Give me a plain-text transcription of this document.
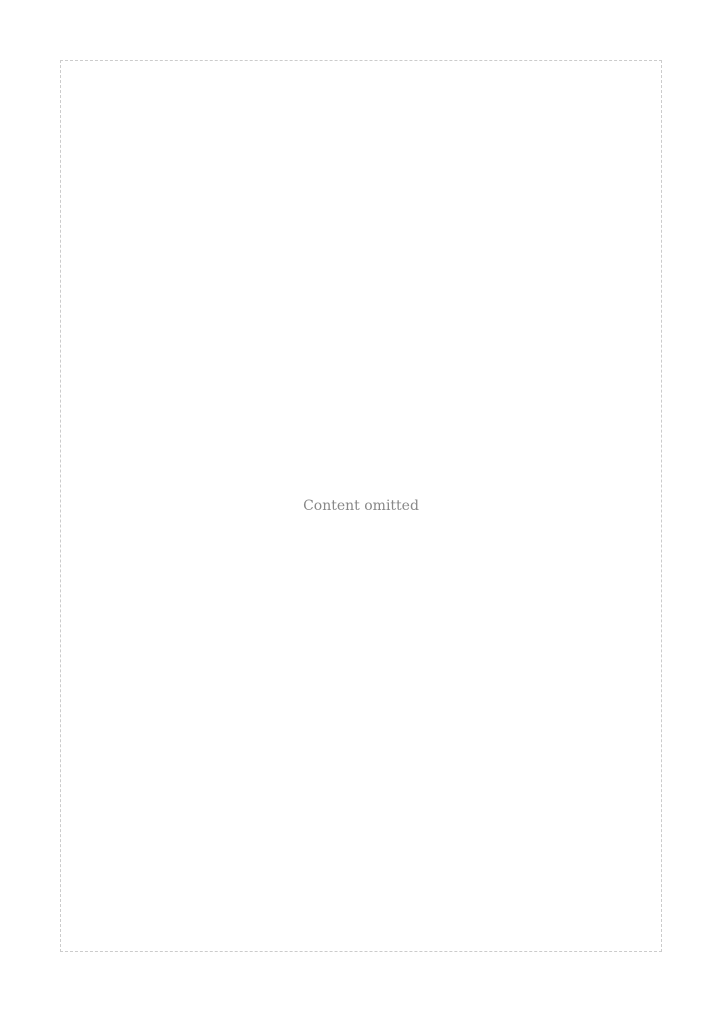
Content omitted
